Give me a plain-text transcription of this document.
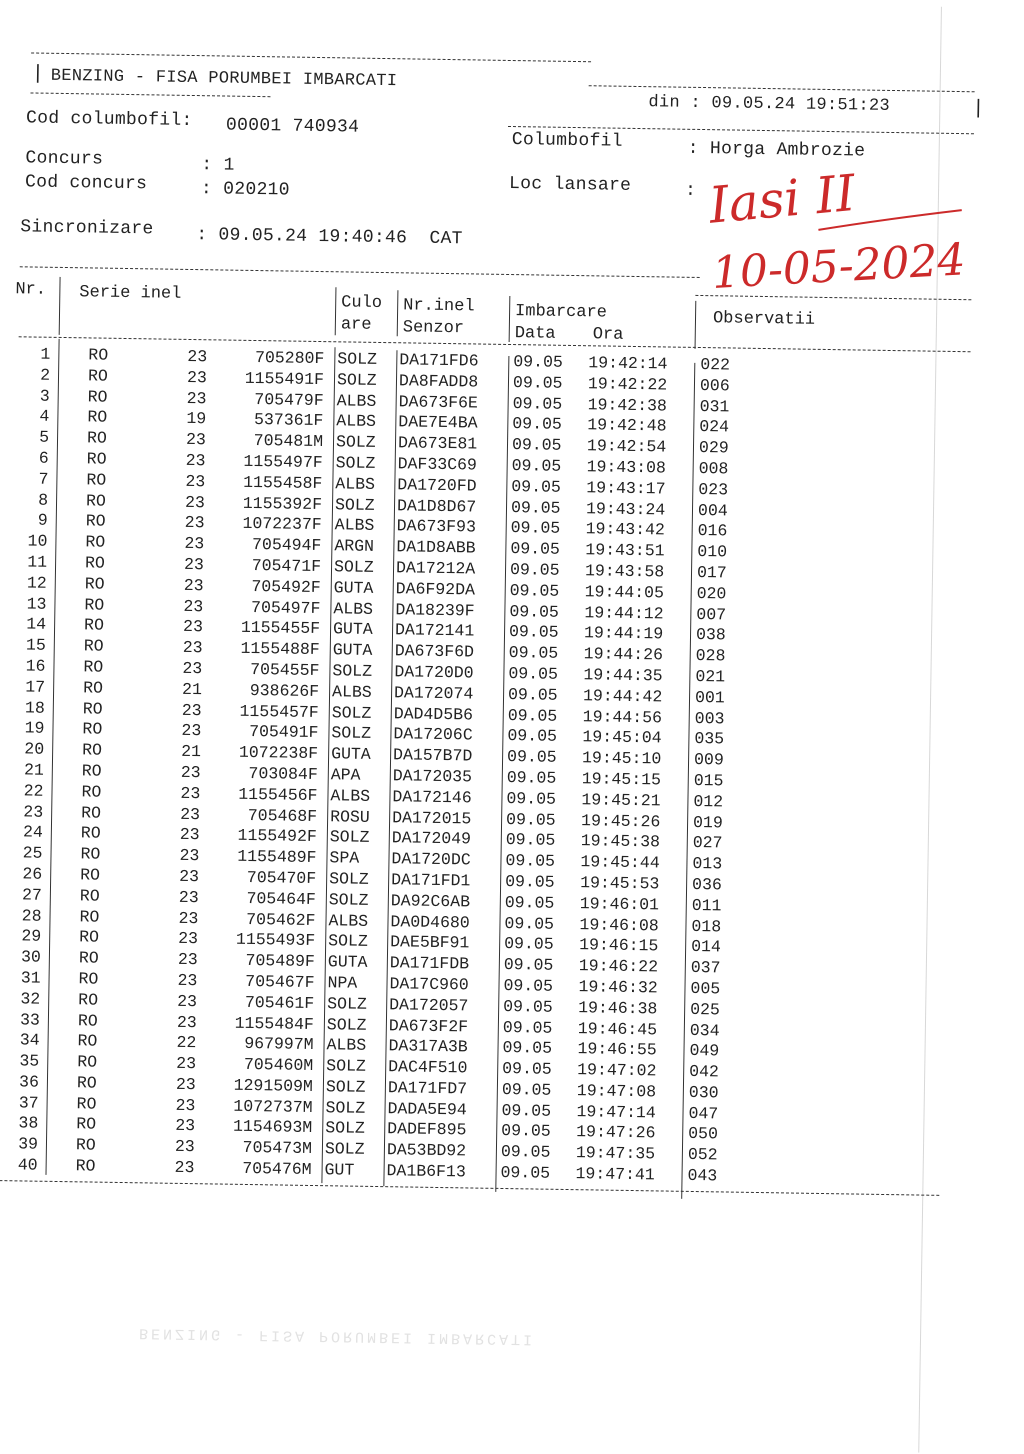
| BENZING - FISA PORUMBEI IMBARCATI
din : 09.05.24 19:51:23	|
Cod columbofil: 00001 740934
Columbofil	: Horga Ambrozie
Concurs	: 1
Cod concurs	: 020210	Loc lansare	:
Sincronizare : 09.05.24 19:40:46 CAT
Iasi II
10-05-2024
Nr. Serie inel	Culo
are
Nr.inel
Senzor
Imbarcare
Data Ora
Observatii
1 RO	23	705280F SOLZ DA171FD6 09.05 19:42:14 022
2 RO	23	1155491F SOLZ DA8FADD8 09.05 19:42:22 006
3 RO	23	705479F ALBS DA673F6E 09.05 19:42:38 031
4 RO	19	537361F ALBS DAE7E4BA 09.05 19:42:48 024
5 RO	23	705481M SOLZ DA673E81 09.05 19:42:54 029
6 RO	23	1155497F SOLZ DAF33C69 09.05 19:43:08 008
7 RO	23	1155458F ALBS DA1720FD 09.05 19:43:17 023
8 RO	23	1155392F SOLZ DA1D8D67 09.05 19:43:24 004
9 RO	23	1072237F ALBS DA673F93 09.05 19:43:42 016
10 RO	23	705494F ARGN DA1D8ABB 09.05 19:43:51 010
11 RO	23	705471F SOLZ DA17212A 09.05 19:43:58 017
12 RO	23	705492F GUTA DA6F92DA 09.05 19:44:05 020
13 RO	23	705497F ALBS DA18239F 09.05 19:44:12 007
14 RO	23	1155455F GUTA DA172141 09.05 19:44:19 038
15 RO	23	1155488F GUTA DA673F6D 09.05 19:44:26 028
16 RO	23	705455F SOLZ DA1720D0 09.05 19:44:35 021
17 RO	21	938626F ALBS DA172074 09.05 19:44:42 001
18 RO	23	1155457F SOLZ DAD4D5B6 09.05 19:44:56 003
19 RO	23	705491F SOLZ DA17206C 09.05 19:45:04 035
20 RO	21	1072238F GUTA DA157B7D 09.05 19:45:10 009
21 RO	23	703084F APA DA172035 09.05 19:45:15 015
22 RO	23	1155456F ALBS DA172146 09.05 19:45:21 012
23 RO	23	705468F ROSU DA172015 09.05 19:45:26 019
24 RO	23	1155492F SOLZ DA172049 09.05 19:45:38 027
25 RO	23	1155489F SPA DA1720DC 09.05 19:45:44 013
26 RO	23	705470F SOLZ DA171FD1 09.05 19:45:53 036
27 RO	23	705464F SOLZ DA92C6AB 09.05 19:46:01 011
28 RO	23	705462F ALBS DA0D4680 09.05 19:46:08 018
29 RO	23	1155493F SOLZ DAE5BF91 09.05 19:46:15 014
30 RO	23	705489F GUTA DA171FDB 09.05 19:46:22 037
31 RO	23	705467F NPA DA17C960 09.05 19:46:32 005
32 RO	23	705461F SOLZ DA172057 09.05 19:46:38 025
33 RO	23	1155484F SOLZ DA673F2F 09.05 19:46:45 034
34 RO	22	967997M ALBS DA317A3B 09.05 19:46:55 049
35 RO	23	705460M SOLZ DAC4F510 09.05 19:47:02 042
36 RO	23	1291509M SOLZ DA171FD7 09.05 19:47:08 030
37 RO	23	1072737M SOLZ DADA5E94 09.05 19:47:14 047
38 RO	23	1154693M SOLZ DADEF895 09.05 19:47:26 050
39 RO	23	705473M SOLZ DA53BD92 09.05 19:47:35 052
40 RO	23	705476M GUT DA1B6F13 09.05 19:47:41 043
BENZING - FISA PORUMBEI IMBARCATI
